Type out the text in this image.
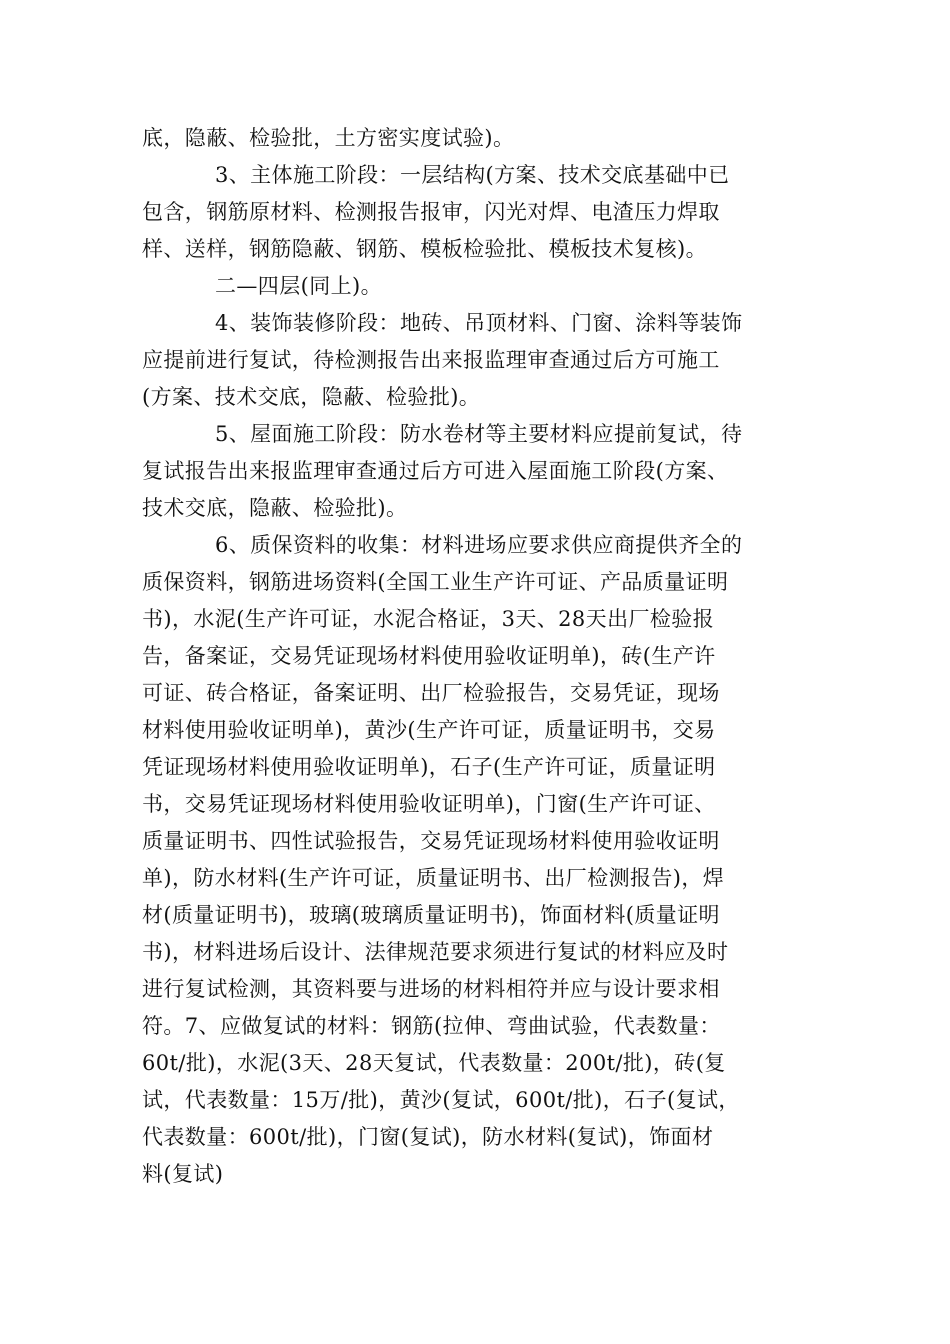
底，隐蔽、检验批，土方密实度试验)。
3、主体施工阶段：一层结构(方案、技术交底基础中已
包含，钢筋原材料、检测报告报审，闪光对焊、电渣压力焊取
样、送样，钢筋隐蔽、钢筋、模板检验批、模板技术复核)。
二—四层(同上)。
4、装饰装修阶段：地砖、吊顶材料、门窗、涂料等装饰
应提前进行复试，待检测报告出来报监理审查通过后方可施工
(方案、技术交底，隐蔽、检验批)。
5、屋面施工阶段：防水卷材等主要材料应提前复试，待
复试报告出来报监理审查通过后方可进入屋面施工阶段(方案、
技术交底，隐蔽、检验批)。
6、质保资料的收集：材料进场应要求供应商提供齐全的
质保资料，钢筋进场资料(全国工业生产许可证、产品质量证明
书)，水泥(生产许可证，水泥合格证，3天、28天出厂检验报
告，备案证，交易凭证现场材料使用验收证明单)，砖(生产许
可证、砖合格证，备案证明、出厂检验报告，交易凭证，现场
材料使用验收证明单)，黄沙(生产许可证，质量证明书，交易
凭证现场材料使用验收证明单)，石子(生产许可证，质量证明
书，交易凭证现场材料使用验收证明单)，门窗(生产许可证、
质量证明书、四性试验报告，交易凭证现场材料使用验收证明
单)，防水材料(生产许可证，质量证明书、出厂检测报告)，焊
材(质量证明书)，玻璃(玻璃质量证明书)，饰面材料(质量证明
书)，材料进场后设计、法律规范要求须进行复试的材料应及时
进行复试检测，其资料要与进场的材料相符并应与设计要求相
符。7、应做复试的材料：钢筋(拉伸、弯曲试验，代表数量：
60t/批)，水泥(3天、28天复试，代表数量：200t/批)，砖(复
试，代表数量：15万/批)，黄沙(复试，600t/批)，石子(复试，
代表数量：600t/批)，门窗(复试)，防水材料(复试)，饰面材
料(复试)
